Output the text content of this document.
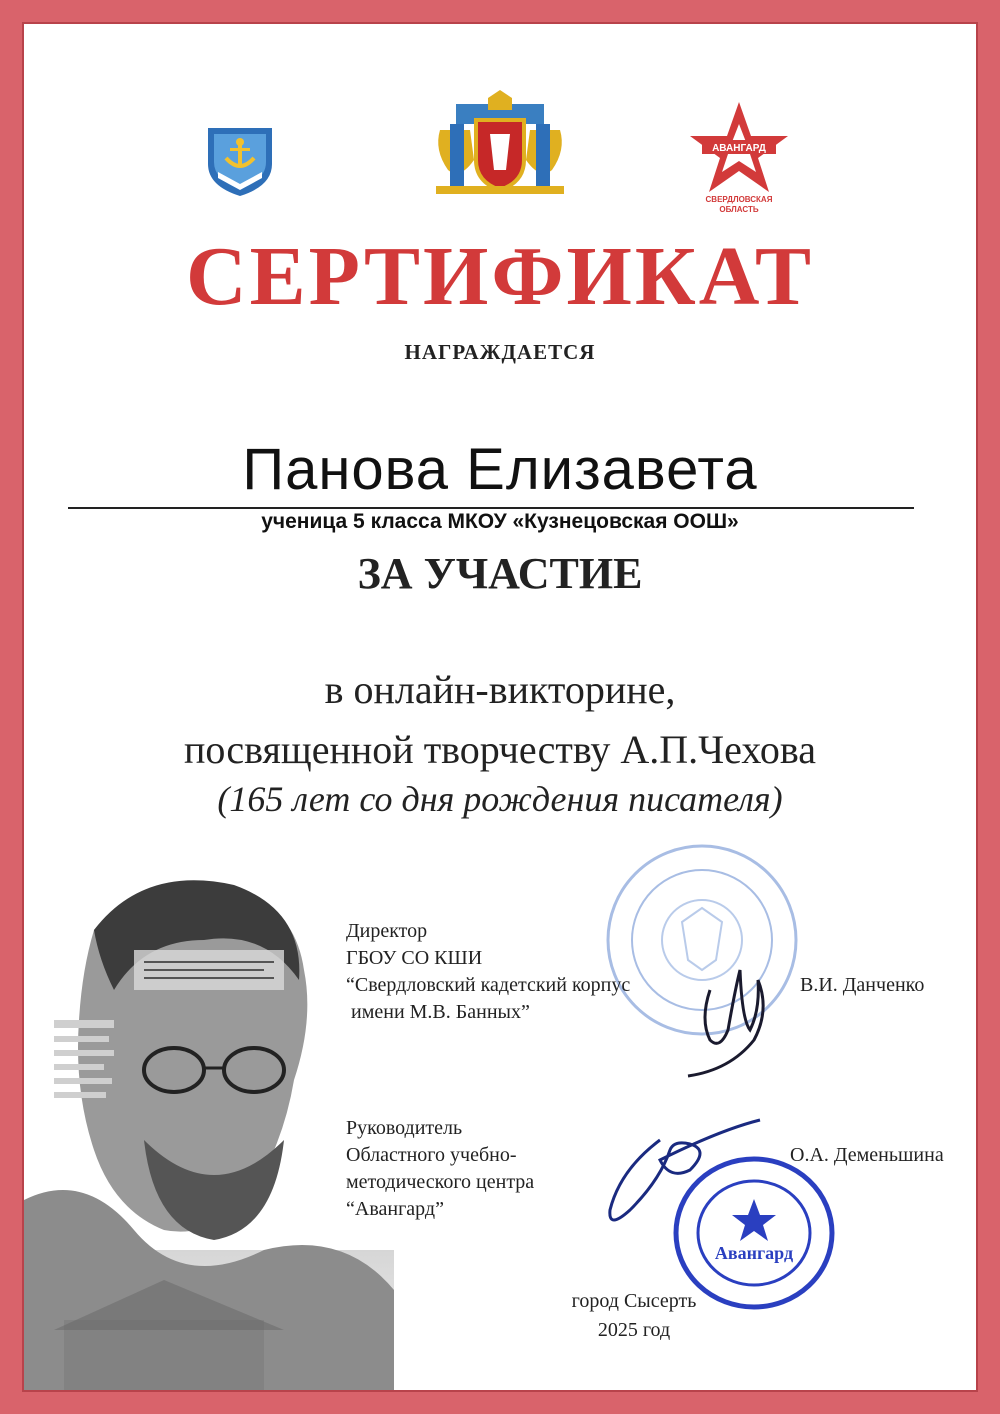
АВАНГАРД
СВЕРДЛОВСКАЯ
ОБЛАСТЬ
СЕРТИФИКАТ
НАГРАЖДАЕТСЯ
Панова Елизавета
ученица 5 класса МКОУ «Кузнецовская ООШ»
ЗА УЧАСТИЕ
в онлайн-викторине,
посвященной творчеству А.П.Чехова
(165 лет со дня рождения писателя)
Директор
ГБОУ СО КШИ
“Свердловский кадетский корпус
имени М.В. Банных”
В.И. Данченко
Руководитель
Областного учебно-
методического центра
“Авангард”
О.А. Деменьшина
Авангард
город Сысерть
2025 год
